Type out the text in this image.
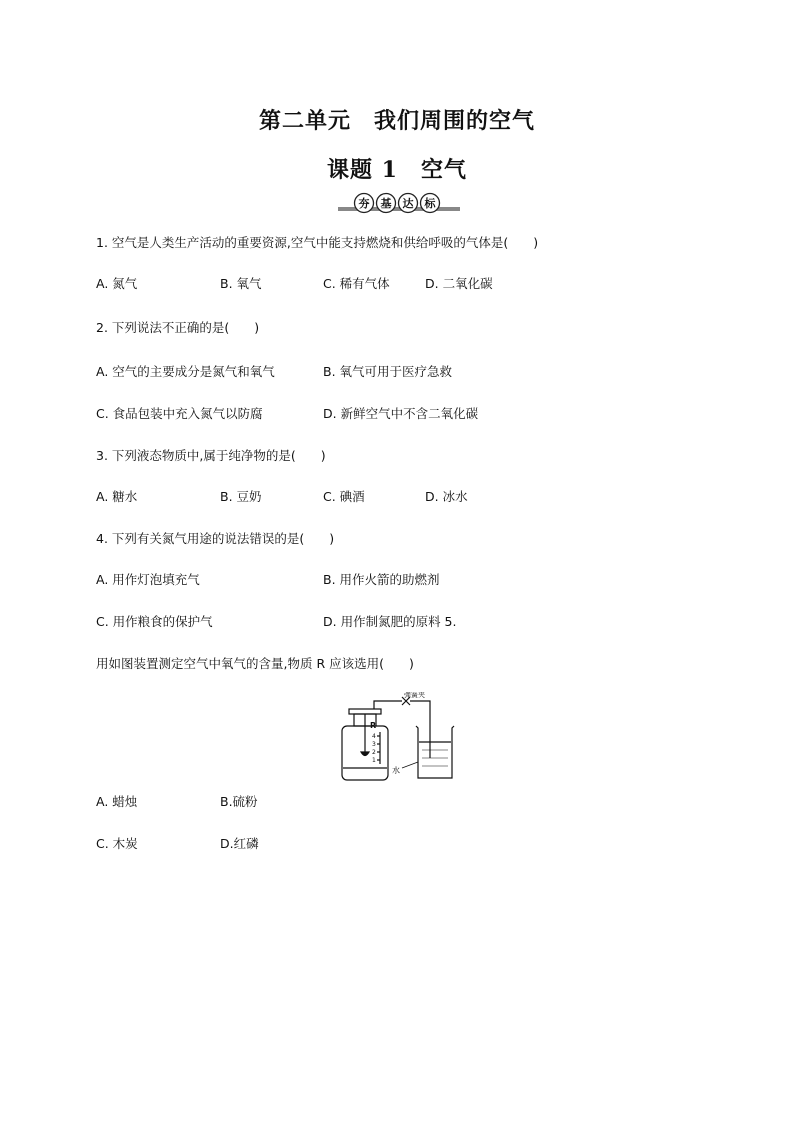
第二单元　我们周围的空气
课题 1　空气
夯 基 达 标
1. 空气是人类生产活动的重要资源,空气中能支持燃烧和供给呼吸的气体是(　　)
A. 氮气	B. 氧气	C. 稀有气体	D. 二氧化碳
2. 下列说法不正确的是(　　)
A. 空气的主要成分是氮气和氧气	B. 氧气可用于医疗急救
C. 食品包装中充入氮气以防腐	D. 新鲜空气中不含二氧化碳
3. 下列液态物质中,属于纯净物的是(　　)
A. 糖水	B. 豆奶	C. 碘酒	D. 冰水
4. 下列有关氮气用途的说法错误的是(　　)
A. 用作灯泡填充气	B. 用作火箭的助燃剂
C. 用作粮食的保护气	D. 用作制氮肥的原料 5.
用如图装置测定空气中氧气的含量,物质 R 应该选用(　　)
弹簧夹
R
水
4
3
2
1
A. 蜡烛	B.硫粉
C. 木炭	D.红磷
